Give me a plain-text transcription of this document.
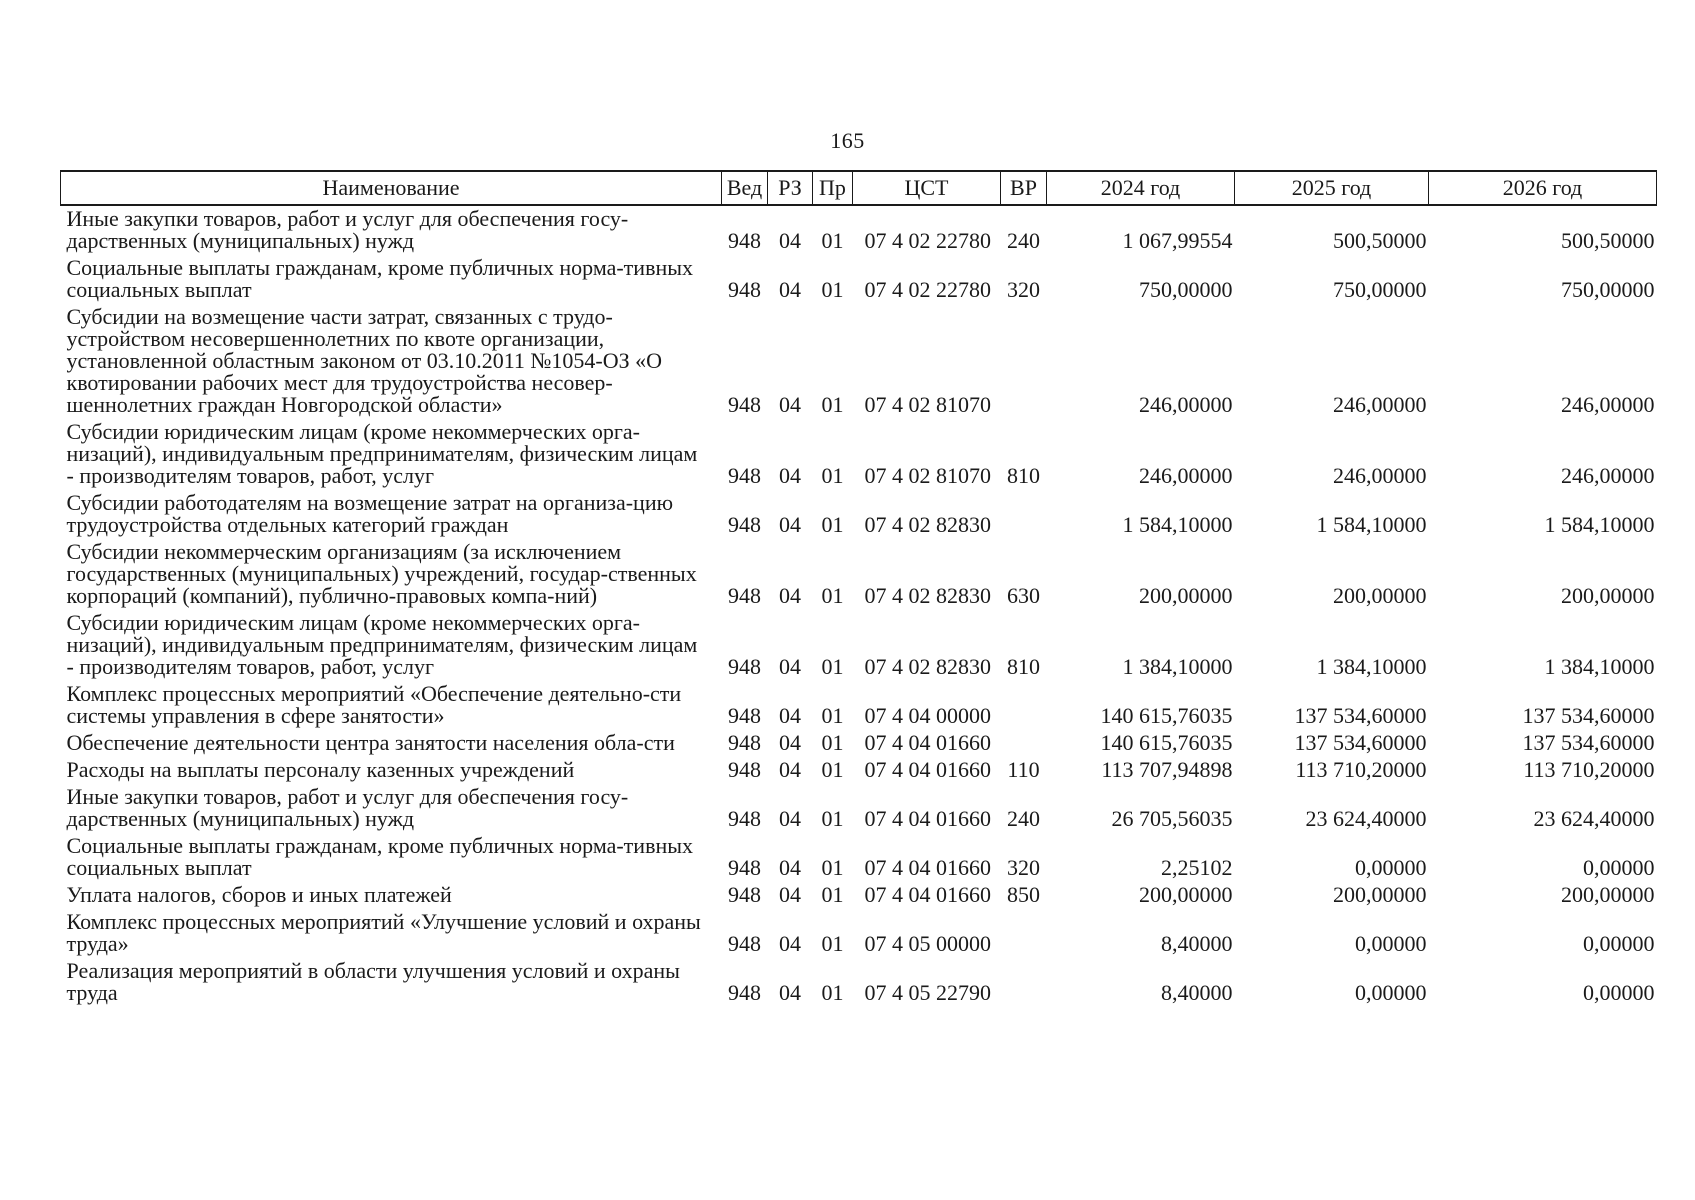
165
Наименование	Вед	РЗ	Пр	ЦСТ	ВР	2024 год	2025 год	2026 год
Иные закупки товаров, работ и услуг для обеспечения госу-дарственных (муниципальных) нужд	948	04	01	07 4 02 22780	240	1 067,99554	500,50000	500,50000
Социальные выплаты гражданам, кроме публичных норма-тивных социальных выплат	948	04	01	07 4 02 22780	320	750,00000	750,00000	750,00000
Субсидии на возмещение части затрат, связанных с трудо-устройством несовершеннолетних по квоте организации, установленной областным законом от 03.10.2011 №1054-ОЗ «О квотировании рабочих мест для трудоустройства несовер-шеннолетних граждан Новгородской области»	948	04	01	07 4 02 81070		246,00000	246,00000	246,00000
Субсидии юридическим лицам (кроме некоммерческих орга-низаций), индивидуальным предпринимателям, физическим лицам - производителям товаров, работ, услуг	948	04	01	07 4 02 81070	810	246,00000	246,00000	246,00000
Субсидии работодателям на возмещение затрат на организа-цию трудоустройства отдельных категорий граждан	948	04	01	07 4 02 82830		1 584,10000	1 584,10000	1 584,10000
Субсидии некоммерческим организациям (за исключением государственных (муниципальных) учреждений, государ-ственных корпораций (компаний), публично-правовых компа-ний)	948	04	01	07 4 02 82830	630	200,00000	200,00000	200,00000
Субсидии юридическим лицам (кроме некоммерческих орга-низаций), индивидуальным предпринимателям, физическим лицам - производителям товаров, работ, услуг	948	04	01	07 4 02 82830	810	1 384,10000	1 384,10000	1 384,10000
Комплекс процессных мероприятий «Обеспечение деятельно-сти системы управления в сфере занятости»	948	04	01	07 4 04 00000		140 615,76035	137 534,60000	137 534,60000
Обеспечение деятельности центра занятости населения обла-сти	948	04	01	07 4 04 01660		140 615,76035	137 534,60000	137 534,60000
Расходы на выплаты персоналу казенных учреждений	948	04	01	07 4 04 01660	110	113 707,94898	113 710,20000	113 710,20000
Иные закупки товаров, работ и услуг для обеспечения госу-дарственных (муниципальных) нужд	948	04	01	07 4 04 01660	240	26 705,56035	23 624,40000	23 624,40000
Социальные выплаты гражданам, кроме публичных норма-тивных социальных выплат	948	04	01	07 4 04 01660	320	2,25102	0,00000	0,00000
Уплата налогов, сборов и иных платежей	948	04	01	07 4 04 01660	850	200,00000	200,00000	200,00000
Комплекс процессных мероприятий «Улучшение условий и охраны труда»	948	04	01	07 4 05 00000		8,40000	0,00000	0,00000
Реализация мероприятий в области улучшения условий и охраны труда	948	04	01	07 4 05 22790		8,40000	0,00000	0,00000
